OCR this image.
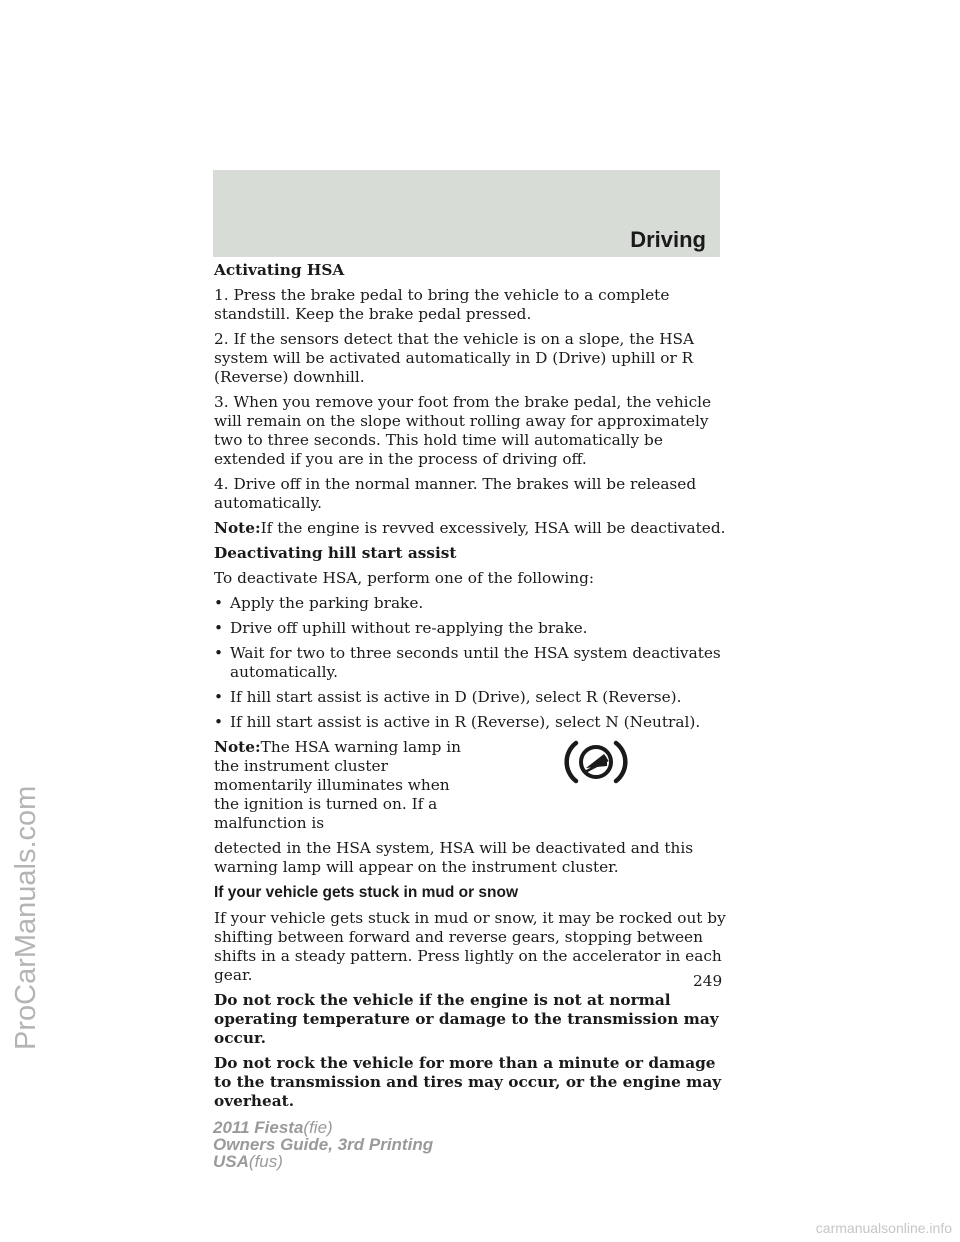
Driving

Activating HSA

1. Press the brake pedal to bring the vehicle to a complete standstill. Keep the brake pedal pressed.

2. If the sensors detect that the vehicle is on a slope, the HSA system will be activated automatically in D (Drive) uphill or R (Reverse) downhill.

3. When you remove your foot from the brake pedal, the vehicle will remain on the slope without rolling away for approximately two to three seconds. This hold time will automatically be extended if you are in the process of driving off.

4. Drive off in the normal manner. The brakes will be released automatically.

Note:If the engine is revved excessively, HSA will be deactivated.

Deactivating hill start assist

To deactivate HSA, perform one of the following:

• Apply the parking brake.
• Drive off uphill without re-applying the brake.
• Wait for two to three seconds until the HSA system deactivates automatically.
• If hill start assist is active in D (Drive), select R (Reverse).
• If hill start assist is active in R (Reverse), select N (Neutral).

Note:The HSA warning lamp in the instrument cluster momentarily illuminates when the ignition is turned on. If a malfunction is

detected in the HSA system, HSA will be deactivated and this warning lamp will appear on the instrument cluster.

If your vehicle gets stuck in mud or snow

If your vehicle gets stuck in mud or snow, it may be rocked out by shifting between forward and reverse gears, stopping between shifts in a steady pattern. Press lightly on the accelerator in each gear.

Do not rock the vehicle if the engine is not at normal operating temperature or damage to the transmission may occur.

Do not rock the vehicle for more than a minute or damage to the transmission and tires may occur, or the engine may overheat.

249
2011 Fiesta(fie)
Owners Guide, 3rd Printing
USA(fus)
ProCarManuals.com
carmanualsonline.info
